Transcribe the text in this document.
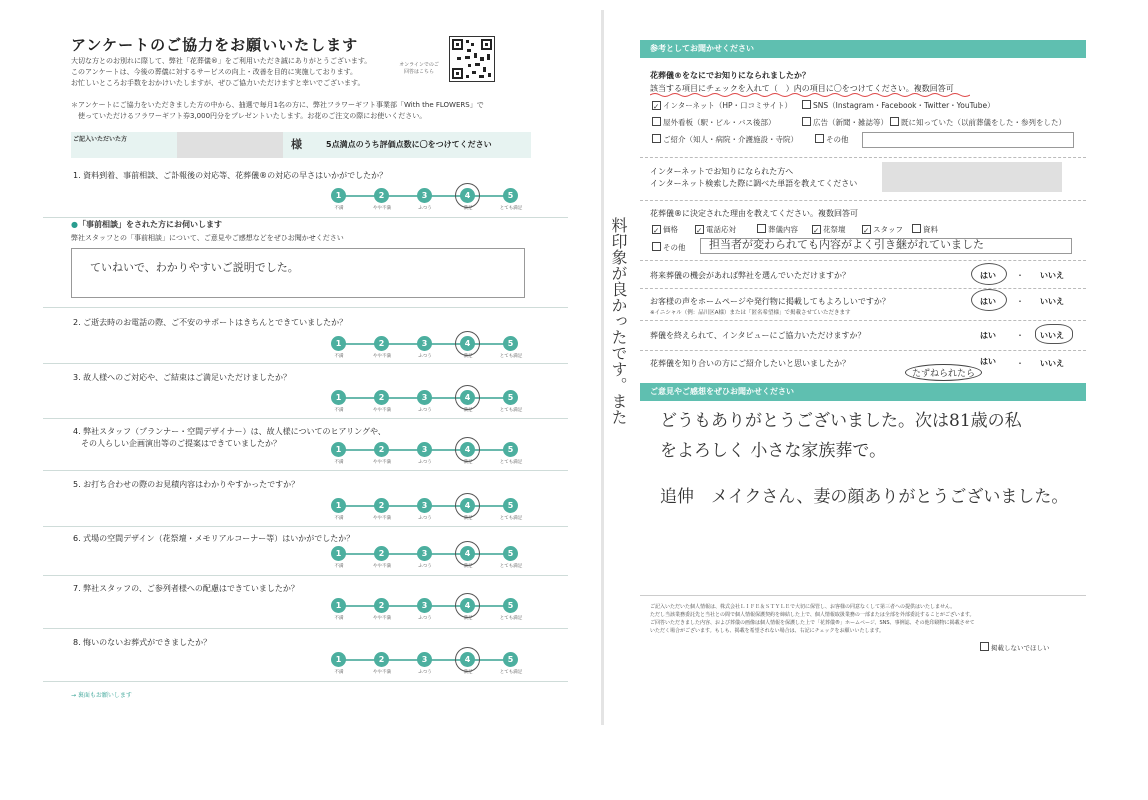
アンケートのご協力をお願いいたします
大切な方とのお別れに際して、弊社「花葬儀®」をご利用いただき誠にありがとうございます。
このアンケートは、今後の葬儀に対するサービスの向上・改善を目的に実施しております。
お忙しいところお手数をおかけいたしますが、ぜひご協力いただけますと幸いでございます。
オンラインでのご回答はこちら
＊アンケートにご協力をいただきました方の中から、抽選で毎月1名の方に、弊社フラワーギフト事業部「With the FLOWERS」で
　使っていただけるフラワーギフト券3,000円分をプレゼントいたします。お花のご注文の際にお使いください。
ご記入いただいた方	様	5点満点のうち評価点数に〇をつけてください
1. 資料到着、事前相談、ご訃報後の対応等、花葬儀®の対応の早さはいかがでしたか？
1
不満
2
やや不満
3
ふつう
4
満足
5
とても満足
●「事前相談」をされた方にお伺いします
弊社スタッフとの「事前相談」について、ご意見やご感想などをぜひお聞かせください
ていねいで、わかりやすいご説明でした。
2. ご逝去時のお電話の際、ご不安のサポートはきちんとできていましたか？
1
不満
2
やや不満
3
ふつう
4
満足
5
とても満足
3. 故人様へのご対応や、ご結束はご満足いただけましたか？
1
不満
2
やや不満
3
ふつう
4
満足
5
とても満足
4. 弊社スタッフ（プランナー・空間デザイナー）は、故人様についてのヒアリングや、
　その人らしい企画演出等のご提案はできていましたか？
1
不満
2
やや不満
3
ふつう
4
満足
5
とても満足
5. お打ち合わせの際のお見積内容はわかりやすかったですか？
1
不満
2
やや不満
3
ふつう
4
満足
5
とても満足
6. 式場の空間デザイン（花祭壇・メモリアルコーナー等）はいかがでしたか？
1
不満
2
やや不満
3
ふつう
4
満足
5
とても満足
7. 弊社スタッフの、ご参列者様への配慮はできていましたか？
1
不満
2
やや不満
3
ふつう
4
満足
5
とても満足
8. 悔いのないお葬式ができましたか？
1
不満
2
やや不満
3
ふつう
4
満足
5
とても満足
→ 裏面もお願いします
参考としてお聞かせください
花葬儀®をなにでお知りになられましたか？
該当する項目にチェックを入れて（　）内の項目に〇をつけてください。複数回答可
✓ インターネット（HP・口コミサイト）	SNS（Instagram・Facebook・Twitter・YouTube）
屋外看板（駅・ビル・バス後部）	広告（新聞・雑誌等）	既に知っていた（以前葬儀をした・参列をした）
ご紹介（知人・病院・介護施設・寺院）	その他
インターネットでお知りになられた方へ
インターネット検索した際に調べた単語を教えてください
花葬儀®に決定された理由を教えてください。複数回答可
✓ 価格 ✓ 電話応対	葬儀内容 ✓ 花祭壇 ✓ スタッフ	資料
その他 担当者が変わられても内容がよく引き継がれていました
将来葬儀の機会があれば弊社を選んでいただけますか？	はい	・ いいえ
お客様の声をホームページや発行物に掲載してもよろしいですか？
※イニシャル（例：品川区A様）または「匿名希望様」で掲載させていただきます
はい	・ いいえ
葬儀を終えられて、インタビューにご協力いただけますか？	はい	・ いいえ
花葬儀を知り合いの方にご紹介したいと思いましたか？	はい	・ いいえ
たずねられたら
ご意見やご感想をぜひお聞かせください
どうもありがとうございました。次は81歳の私
をよろしく 小さな家族葬で。
追伸　メイクさん、妻の顔ありがとうございました。
ご記入いただいた個人情報は、株式会社ＬＩＦＥ＆ＳＴＹＬＥで大切に保管し、お客様の同意なくして第三者への提供はいたしません。
ただし当該業務委託先と当社との間で個人情報保護契約を締結した上で、個人情報取扱業務の一部または全部を外部委託することがございます。
ご回答いただきました内容、および葬儀の画像は個人情報を保護した上で「花葬儀®」ホームページ、SNS、事例誌、その他印刷物に掲載させて
いただく場合がございます。もしも、掲載を希望されない場合は、右記にチェックをお願いいたします。
掲載しないでほしい
料印象が良かったです。また
